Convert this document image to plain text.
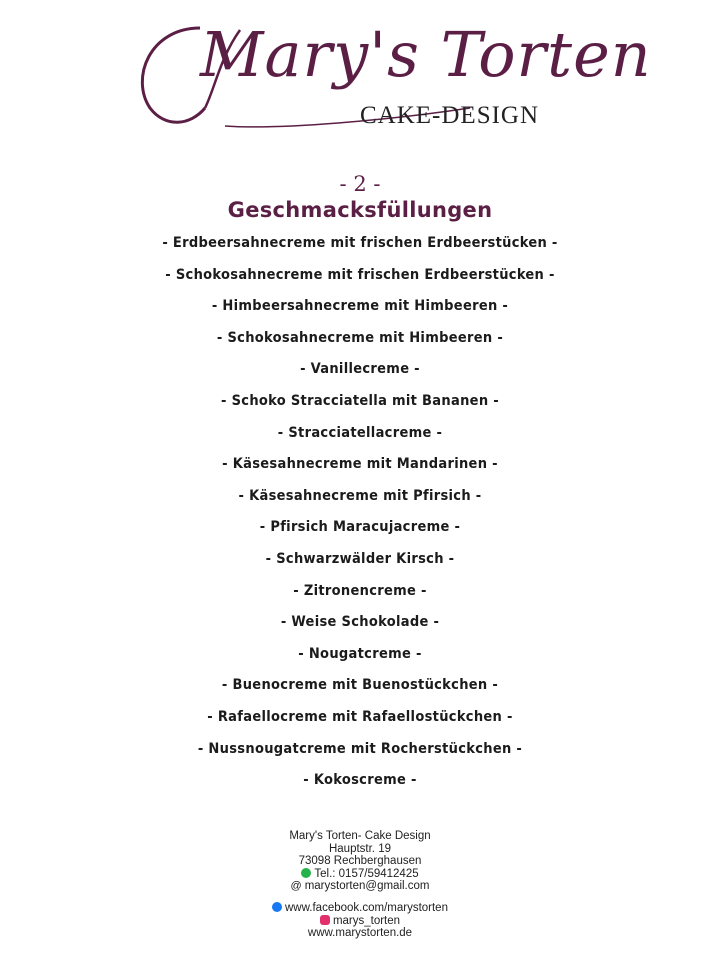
Mary's Torten
CAKE-DESIGN
- 2 -
Geschmacksfüllungen
- Erdbeersahnecreme mit frischen Erdbeerstücken -
- Schokosahnecreme mit frischen Erdbeerstücken -
- Himbeersahnecreme mit Himbeeren -
- Schokosahnecreme mit Himbeeren -
- Vanillecreme -
- Schoko Stracciatella mit Bananen -
- Stracciatellacreme -
- Käsesahnecreme mit Mandarinen -
- Käsesahnecreme mit Pfirsich -
- Pfirsich Maracujacreme -
- Schwarzwälder Kirsch -
- Zitronencreme -
- Weise Schokolade -
- Nougatcreme -
- Buenocreme mit Buenostückchen -
- Rafaellocreme mit Rafaellostückchen -
- Nussnougatcreme mit Rocherstückchen -
- Kokoscreme -
Mary's Torten- Cake Design
Hauptstr. 19
73098 Rechberghausen
Tel.: 0157/59412425
@ marystorten@gmail.com
www.facebook.com/marystorten
marys_torten
www.marystorten.de
